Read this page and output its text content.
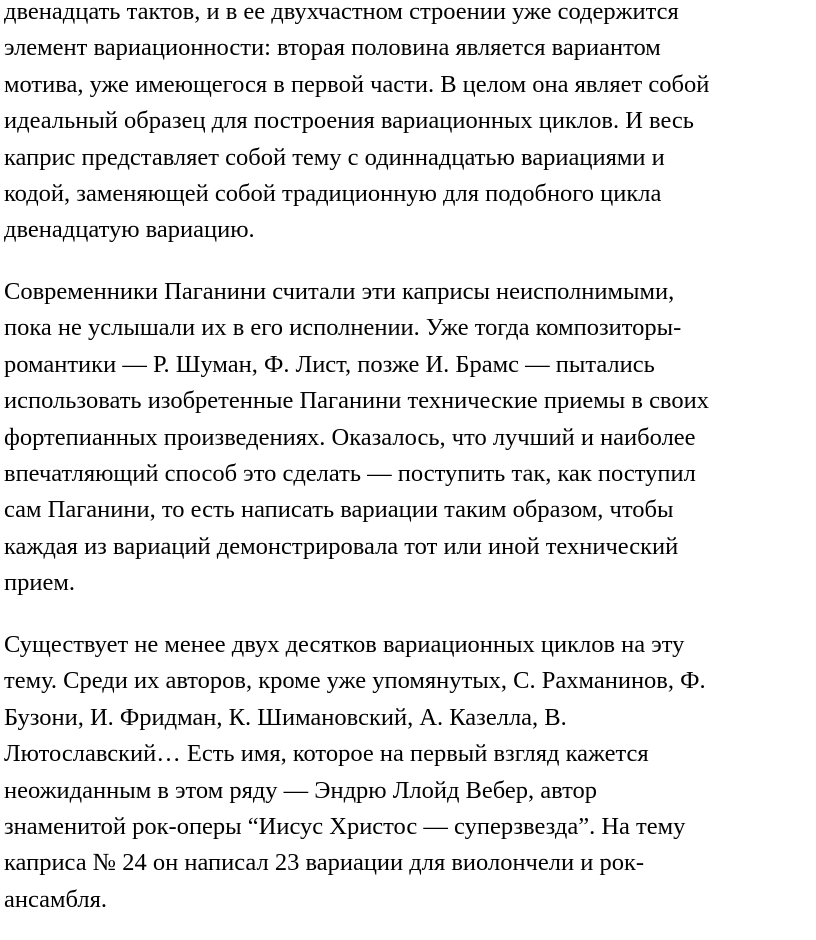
двенадцать тактов, и в ее двухчастном строении уже содержится
элемент вариационности: вторая половина является вариантом
мотива, уже имеющегося в первой части. В целом она являет собой
идеальный образец для построения вариационных циклов. И весь
каприс представляет собой тему с одиннадцатью вариациями и
кодой, заменяющей собой традиционную для подобного цикла
двенадцатую вариацию.

Современники Паганини считали эти каприсы неисполнимыми,
пока не услышали их в его исполнении. Уже тогда композиторы-
романтики — Р. Шуман, Ф. Лист, позже И. Брамс — пытались
использовать изобретенные Паганини технические приемы в своих
фортепианных произведениях. Оказалось, что лучший и наиболее
впечатляющий способ это сделать — поступить так, как поступил
сам Паганини, то есть написать вариации таким образом, чтобы
каждая из вариаций демонстрировала тот или иной технический
прием.

Существует не менее двух десятков вариационных циклов на эту
тему. Среди их авторов, кроме уже упомянутых, С. Рахманинов, Ф.
Бузони, И. Фридман, К. Шимановский, А. Казелла, В.
Лютославский… Есть имя, которое на первый взгляд кажется
неожиданным в этом ряду — Эндрю Ллойд Вебер, автор
знаменитой рок-оперы “Иисус Христос — суперзвезда”. На тему
каприса № 24 он написал 23 вариации для виолончели и рок-
ансамбля.
